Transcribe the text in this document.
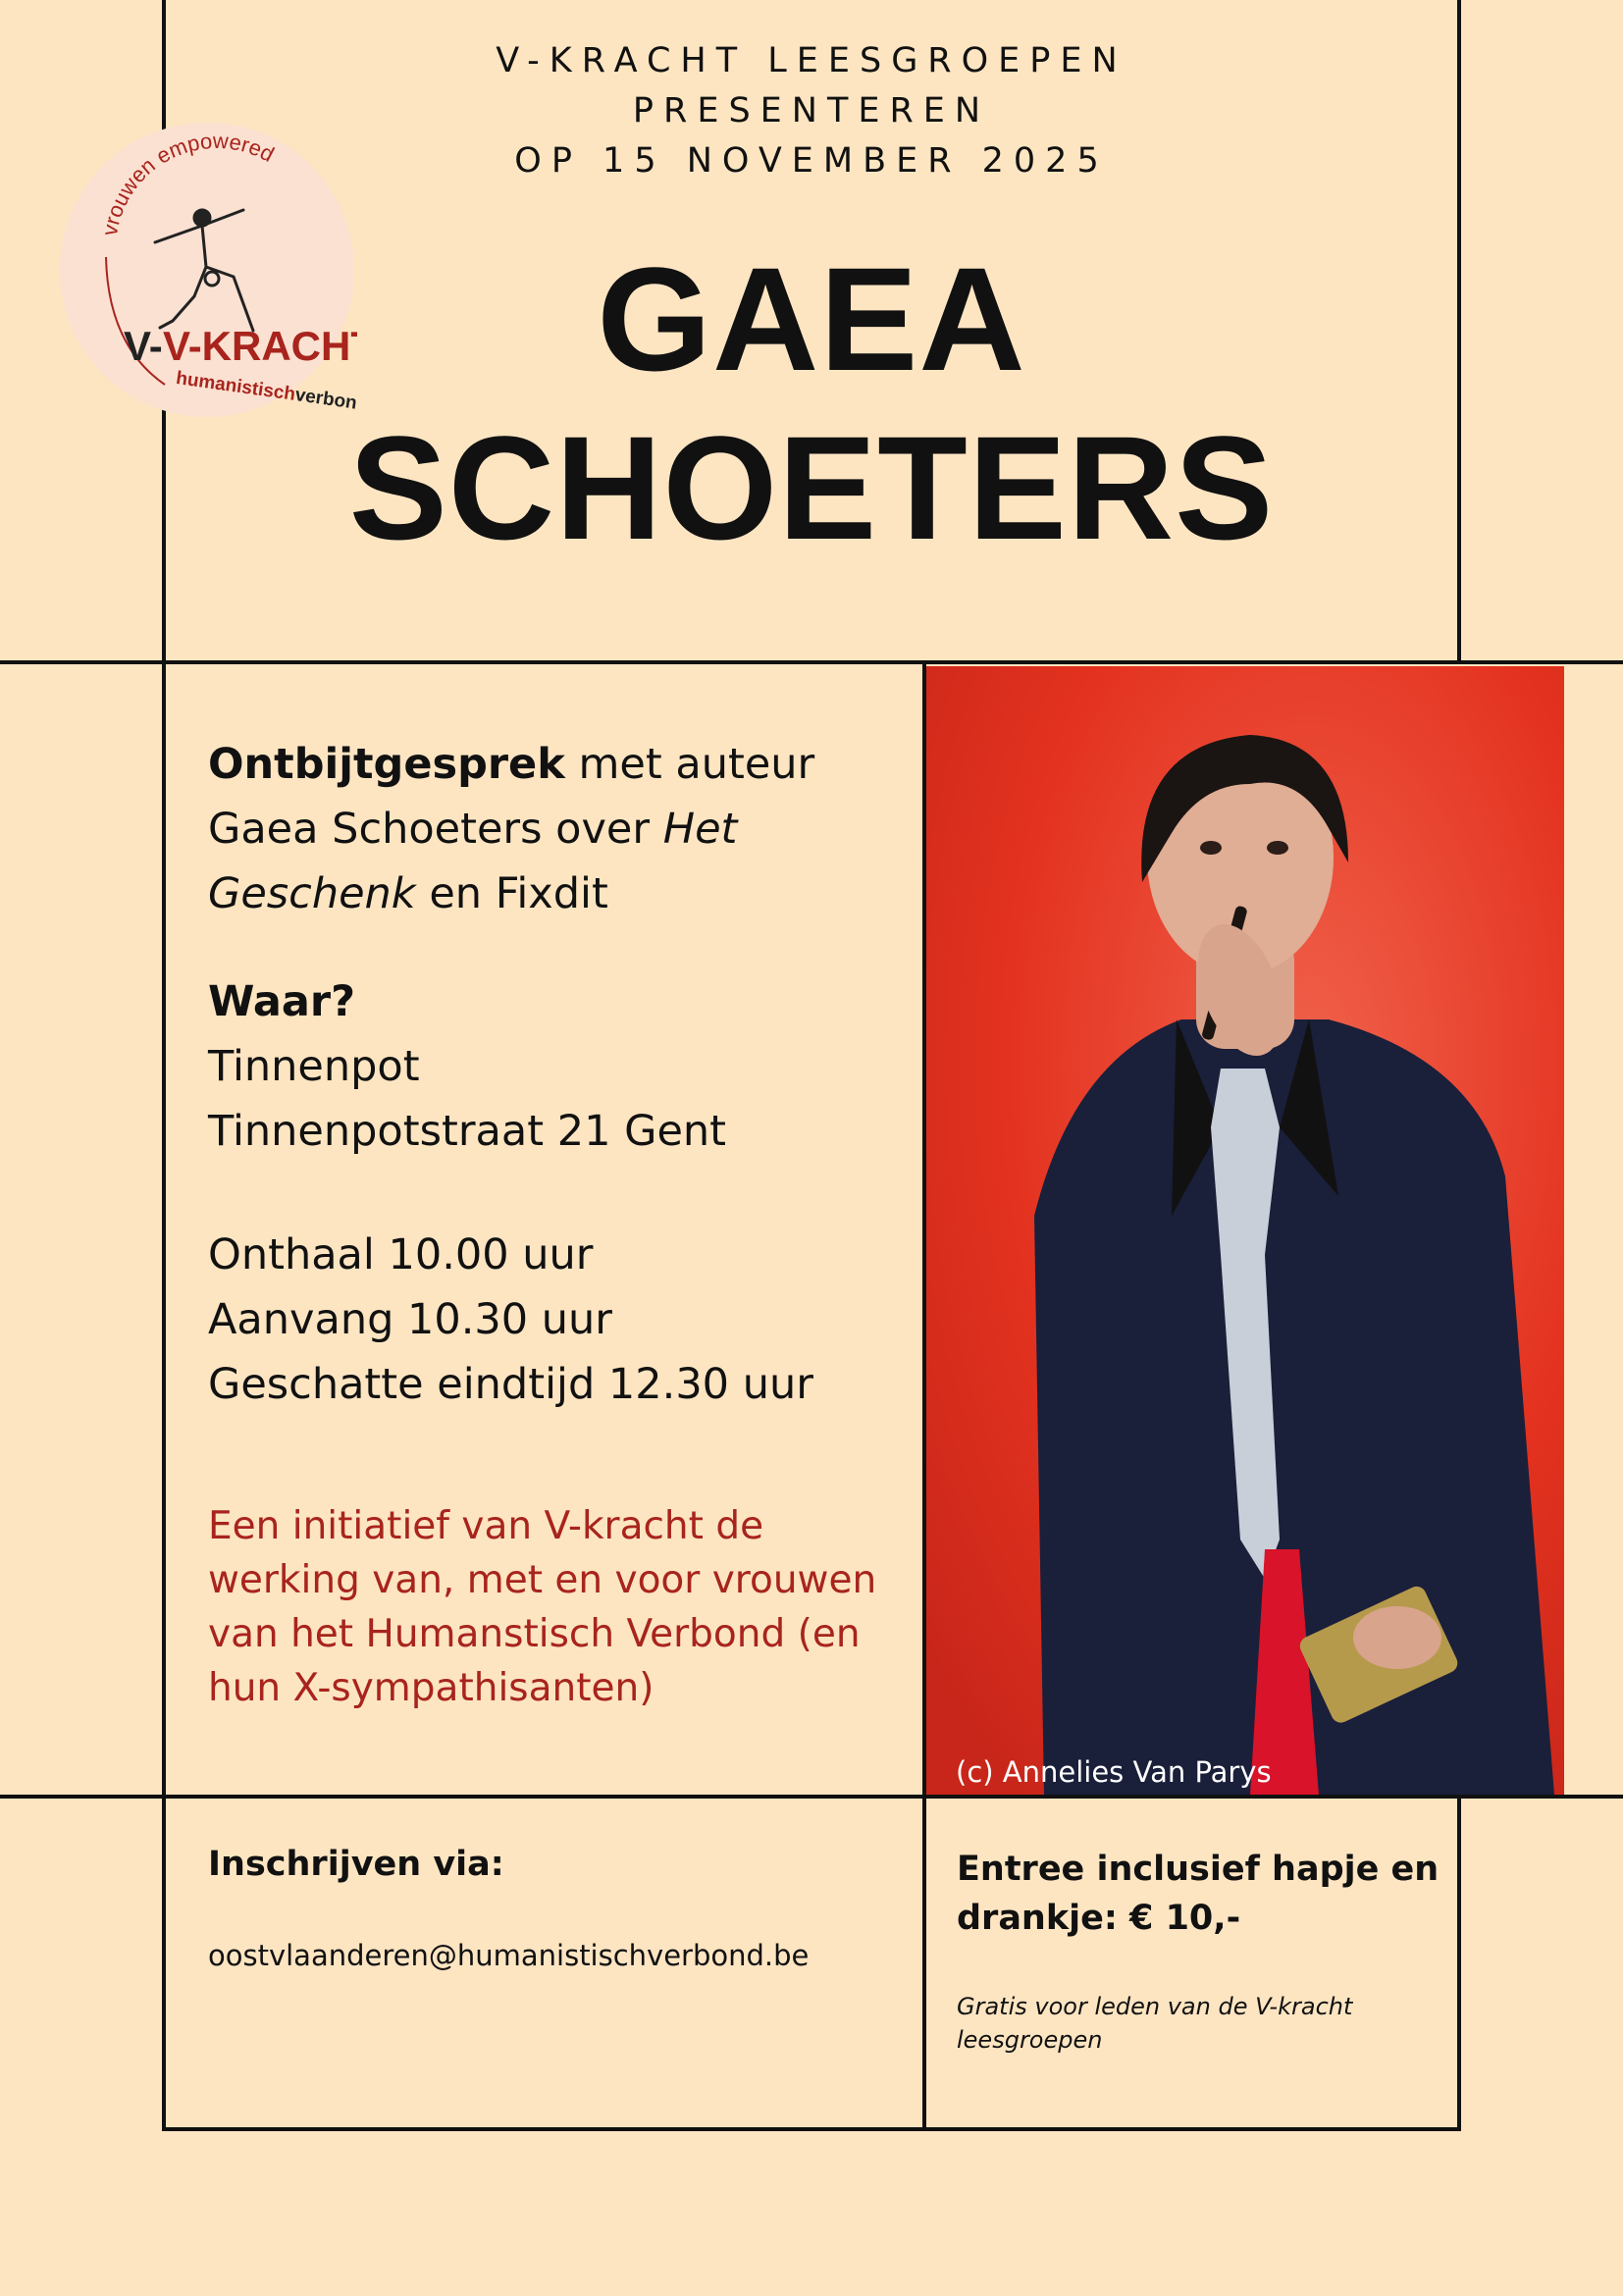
vrouwen empowered
V- V-KRACHT
humanistischverbond.be
V-KRACHT LEESGROEPEN
PRESENTEREN
OP 15 NOVEMBER 2025
GAEA
SCHOETERS

Ontbijtgesprek met auteur

Gaea Schoeters over Het

Geschenk en Fixdit

Waar?

Tinnenpot

Tinnenpotstraat 21 Gent

Onthaal 10.00 uur

Aanvang 10.30 uur

Geschatte eindtijd 12.30 uur

Een initiatief van V-kracht de
werking van, met en voor vrouwen
van het Humanstisch Verbond (en
hun X-sympathisanten)
(c) Annelies Van Parys
Inschrijven via:
oostvlaanderen@humanistischverbond.be
Entree inclusief hapje en
drankje: € 10,-
Gratis voor leden van de V-kracht
leesgroepen
